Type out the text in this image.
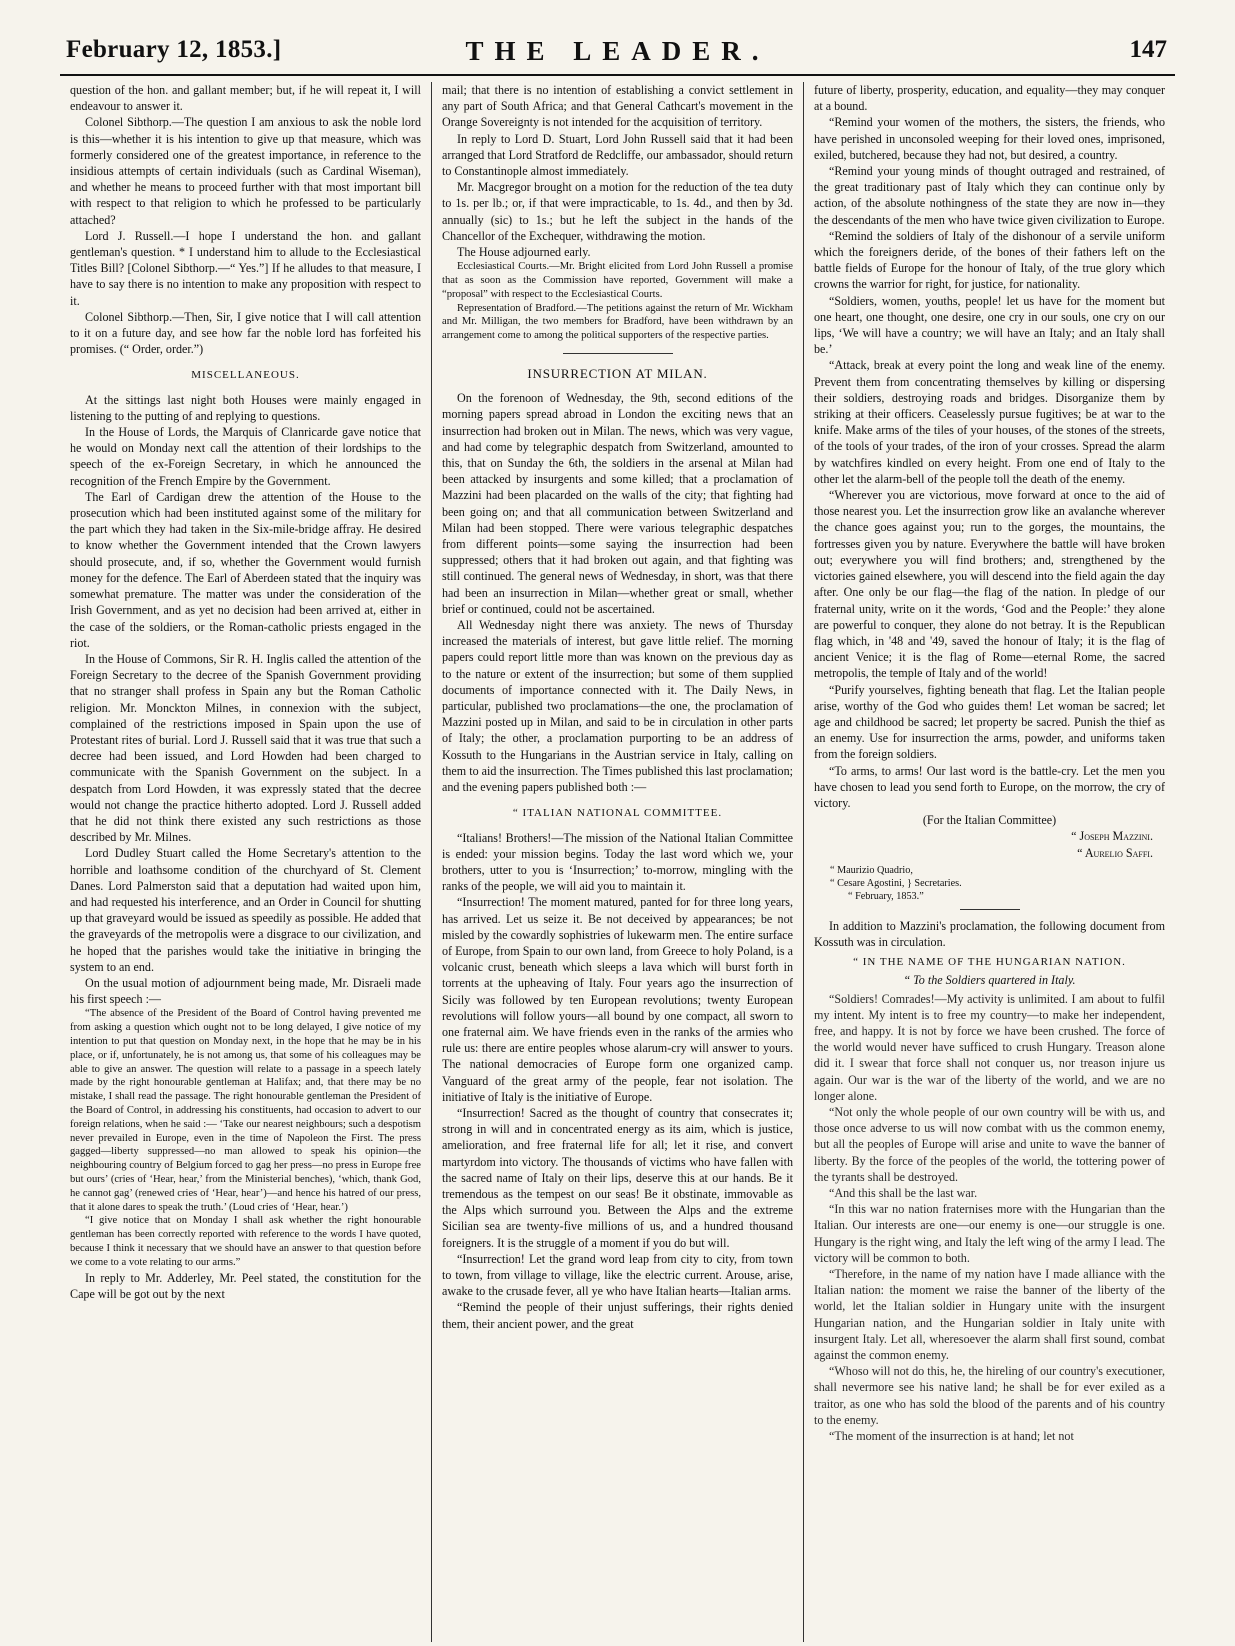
February 12, 1853.]	THE LEADER.	147

question of the hon. and gallant member; but, if he will repeat it, I will endeavour to answer it.

Colonel Sibthorp.—The question I am anxious to ask the noble lord is this—whether it is his intention to give up that measure, which was formerly considered one of the greatest importance, in reference to the insidious attempts of certain individuals (such as Cardinal Wiseman), and whether he means to proceed further with that most important bill with respect to that religion to which he professed to be particularly attached?

Lord J. Russell.—I hope I understand the hon. and gallant gentleman's question. * I understand him to allude to the Ecclesiastical Titles Bill? [Colonel Sibthorp.—“ Yes.”] If he alludes to that measure, I have to say there is no intention to make any proposition with respect to it.

Colonel Sibthorp.—Then, Sir, I give notice that I will call attention to it on a future day, and see how far the noble lord has forfeited his promises. (“ Order, order.”)

MISCELLANEOUS.

At the sittings last night both Houses were mainly engaged in listening to the putting of and replying to questions.

In the House of Lords, the Marquis of Clanricarde gave notice that he would on Monday next call the attention of their lordships to the speech of the ex-Foreign Secretary, in which he announced the recognition of the French Empire by the Government.

The Earl of Cardigan drew the attention of the House to the prosecution which had been instituted against some of the military for the part which they had taken in the Six-mile-bridge affray. He desired to know whether the Government intended that the Crown lawyers should prosecute, and, if so, whether the Government would furnish money for the defence. The Earl of Aberdeen stated that the inquiry was somewhat premature. The matter was under the consideration of the Irish Government, and as yet no decision had been arrived at, either in the case of the soldiers, or the Roman-catholic priests engaged in the riot.

In the House of Commons, Sir R. H. Inglis called the attention of the Foreign Secretary to the decree of the Spanish Government providing that no stranger shall profess in Spain any but the Roman Catholic religion. Mr. Monckton Milnes, in connexion with the subject, complained of the restrictions imposed in Spain upon the use of Protestant rites of burial. Lord J. Russell said that it was true that such a decree had been issued, and Lord Howden had been charged to communicate with the Spanish Government on the subject. In a despatch from Lord Howden, it was expressly stated that the decree would not change the practice hitherto adopted. Lord J. Russell added that he did not think there existed any such restrictions as those described by Mr. Milnes.

Lord Dudley Stuart called the Home Secretary's attention to the horrible and loathsome condition of the churchyard of St. Clement Danes. Lord Palmerston said that a deputation had waited upon him, and had requested his interference, and an Order in Council for shutting up that graveyard would be issued as speedily as possible. He added that the graveyards of the metropolis were a disgrace to our civilization, and he hoped that the parishes would take the initiative in bringing the system to an end.

On the usual motion of adjournment being made, Mr. Disraeli made his first speech :—

“The absence of the President of the Board of Control having prevented me from asking a question which ought not to be long delayed, I give notice of my intention to put that question on Monday next, in the hope that he may be in his place, or if, unfortunately, he is not among us, that some of his colleagues may be able to give an answer. The question will relate to a passage in a speech lately made by the right honourable gentleman at Halifax; and, that there may be no mistake, I shall read the passage. The right honourable gentleman the President of the Board of Control, in addressing his constituents, had occasion to advert to our foreign relations, when he said :— ‘Take our nearest neighbours; such a despotism never prevailed in Europe, even in the time of Napoleon the First. The press gagged—liberty suppressed—no man allowed to speak his opinion—the neighbouring country of Belgium forced to gag her press—no press in Europe free but ours’ (cries of ‘Hear, hear,’ from the Ministerial benches), ‘which, thank God, he cannot gag’ (renewed cries of ‘Hear, hear’)—and hence his hatred of our press, that it alone dares to speak the truth.’ (Loud cries of ‘Hear, hear.’)

“I give notice that on Monday I shall ask whether the right honourable gentleman has been correctly reported with reference to the words I have quoted, because I think it necessary that we should have an answer to that question before we come to a vote relating to our arms.”

In reply to Mr. Adderley, Mr. Peel stated, the constitution for the Cape will be got out by the next

mail; that there is no intention of establishing a convict settlement in any part of South Africa; and that General Cathcart's movement in the Orange Sovereignty is not intended for the acquisition of territory.

In reply to Lord D. Stuart, Lord John Russell said that it had been arranged that Lord Stratford de Redcliffe, our ambassador, should return to Constantinople almost immediately.

Mr. Macgregor brought on a motion for the reduction of the tea duty to 1s. per lb.; or, if that were impracticable, to 1s. 4d., and then by 3d. annually (sic) to 1s.; but he left the subject in the hands of the Chancellor of the Exchequer, withdrawing the motion.

The House adjourned early.

Ecclesiastical Courts.—Mr. Bright elicited from Lord John Russell a promise that as soon as the Commission have reported, Government will make a “proposal” with respect to the Ecclesiastical Courts.

Representation of Bradford.—The petitions against the return of Mr. Wickham and Mr. Milligan, the two members for Bradford, have been withdrawn by an arrangement come to among the political supporters of the respective parties.

INSURRECTION AT MILAN.

On the forenoon of Wednesday, the 9th, second editions of the morning papers spread abroad in London the exciting news that an insurrection had broken out in Milan. The news, which was very vague, and had come by telegraphic despatch from Switzerland, amounted to this, that on Sunday the 6th, the soldiers in the arsenal at Milan had been attacked by insurgents and some killed; that a proclamation of Mazzini had been placarded on the walls of the city; that fighting had been going on; and that all communication between Switzerland and Milan had been stopped. There were various telegraphic despatches from different points—some saying the insurrection had been suppressed; others that it had broken out again, and that fighting was still continued. The general news of Wednesday, in short, was that there had been an insurrection in Milan—whether great or small, whether brief or continued, could not be ascertained.

All Wednesday night there was anxiety. The news of Thursday increased the materials of interest, but gave little relief. The morning papers could report little more than was known on the previous day as to the nature or extent of the insurrection; but some of them supplied documents of importance connected with it. The Daily News, in particular, published two proclamations—the one, the proclamation of Mazzini posted up in Milan, and said to be in circulation in other parts of Italy; the other, a proclamation purporting to be an address of Kossuth to the Hungarians in the Austrian service in Italy, calling on them to aid the insurrection. The Times published this last proclamation; and the evening papers published both :—

“ ITALIAN NATIONAL COMMITTEE.

“Italians! Brothers!—The mission of the National Italian Committee is ended: your mission begins. Today the last word which we, your brothers, utter to you is ‘Insurrection;’ to-morrow, mingling with the ranks of the people, we will aid you to maintain it.

“Insurrection! The moment matured, panted for for three long years, has arrived. Let us seize it. Be not deceived by appearances; be not misled by the cowardly sophistries of lukewarm men. The entire surface of Europe, from Spain to our own land, from Greece to holy Poland, is a volcanic crust, beneath which sleeps a lava which will burst forth in torrents at the upheaving of Italy. Four years ago the insurrection of Sicily was followed by ten European revolutions; twenty European revolutions will follow yours—all bound by one compact, all sworn to one fraternal aim. We have friends even in the ranks of the armies who rule us: there are entire peoples whose alarum-cry will answer to yours. The national democracies of Europe form one organized camp. Vanguard of the great army of the people, fear not isolation. The initiative of Italy is the initiative of Europe.

“Insurrection! Sacred as the thought of country that consecrates it; strong in will and in concentrated energy as its aim, which is justice, amelioration, and free fraternal life for all; let it rise, and convert martyrdom into victory. The thousands of victims who have fallen with the sacred name of Italy on their lips, deserve this at our hands. Be it tremendous as the tempest on our seas! Be it obstinate, immovable as the Alps which surround you. Between the Alps and the extreme Sicilian sea are twenty-five millions of us, and a hundred thousand foreigners. It is the struggle of a moment if you do but will.

“Insurrection! Let the grand word leap from city to city, from town to town, from village to village, like the electric current. Arouse, arise, awake to the crusade fever, all ye who have Italian hearts—Italian arms.

“Remind the people of their unjust sufferings, their rights denied them, their ancient power, and the great

future of liberty, prosperity, education, and equality—they may conquer at a bound.

“Remind your women of the mothers, the sisters, the friends, who have perished in unconsoled weeping for their loved ones, imprisoned, exiled, butchered, because they had not, but desired, a country.

“Remind your young minds of thought outraged and restrained, of the great traditionary past of Italy which they can continue only by action, of the absolute nothingness of the state they are now in—they the descendants of the men who have twice given civilization to Europe.

“Remind the soldiers of Italy of the dishonour of a servile uniform which the foreigners deride, of the bones of their fathers left on the battle fields of Europe for the honour of Italy, of the true glory which crowns the warrior for right, for justice, for nationality.

“Soldiers, women, youths, people! let us have for the moment but one heart, one thought, one desire, one cry in our souls, one cry on our lips, ‘We will have a country; we will have an Italy; and an Italy shall be.’

“Attack, break at every point the long and weak line of the enemy. Prevent them from concentrating themselves by killing or dispersing their soldiers, destroying roads and bridges. Disorganize them by striking at their officers. Ceaselessly pursue fugitives; be at war to the knife. Make arms of the tiles of your houses, of the stones of the streets, of the tools of your trades, of the iron of your crosses. Spread the alarm by watchfires kindled on every height. From one end of Italy to the other let the alarm-bell of the people toll the death of the enemy.

“Wherever you are victorious, move forward at once to the aid of those nearest you. Let the insurrection grow like an avalanche wherever the chance goes against you; run to the gorges, the mountains, the fortresses given you by nature. Everywhere the battle will have broken out; everywhere you will find brothers; and, strengthened by the victories gained elsewhere, you will descend into the field again the day after. One only be our flag—the flag of the nation. In pledge of our fraternal unity, write on it the words, ‘God and the People:’ they alone are powerful to conquer, they alone do not betray. It is the Republican flag which, in '48 and '49, saved the honour of Italy; it is the flag of ancient Venice; it is the flag of Rome—eternal Rome, the sacred metropolis, the temple of Italy and of the world!

“Purify yourselves, fighting beneath that flag. Let the Italian people arise, worthy of the God who guides them! Let woman be sacred; let age and childhood be sacred; let property be sacred. Punish the thief as an enemy. Use for insurrection the arms, powder, and uniforms taken from the foreign soldiers.

“To arms, to arms! Our last word is the battle-cry. Let the men you have chosen to lead you send forth to Europe, on the morrow, the cry of victory.

(For the Italian Committee)
“ Joseph Mazzini.
“ Aurelio Saffi.
“ Maurizio Quadrio,
“ Cesare Agostini, } Secretaries.
“ February, 1853.”

In addition to Mazzini's proclamation, the following document from Kossuth was in circulation.

“ IN THE NAME OF THE HUNGARIAN NATION.
“ To the Soldiers quartered in Italy.

“Soldiers! Comrades!—My activity is unlimited. I am about to fulfil my intent. My intent is to free my country—to make her independent, free, and happy. It is not by force we have been crushed. The force of the world would never have sufficed to crush Hungary. Treason alone did it. I swear that force shall not conquer us, nor treason injure us again. Our war is the war of the liberty of the world, and we are no longer alone.

“Not only the whole people of our own country will be with us, and those once adverse to us will now combat with us the common enemy, but all the peoples of Europe will arise and unite to wave the banner of liberty. By the force of the peoples of the world, the tottering power of the tyrants shall be destroyed.

“And this shall be the last war.

“In this war no nation fraternises more with the Hungarian than the Italian. Our interests are one—our enemy is one—our struggle is one. Hungary is the right wing, and Italy the left wing of the army I lead. The victory will be common to both.

“Therefore, in the name of my nation have I made alliance with the Italian nation: the moment we raise the banner of the liberty of the world, let the Italian soldier in Hungary unite with the insurgent Hungarian nation, and the Hungarian soldier in Italy unite with insurgent Italy. Let all, wheresoever the alarm shall first sound, combat against the common enemy.

“Whoso will not do this, he, the hireling of our country's executioner, shall nevermore see his native land; he shall be for ever exiled as a traitor, as one who has sold the blood of the parents and of his country to the enemy.

“The moment of the insurrection is at hand; let not
